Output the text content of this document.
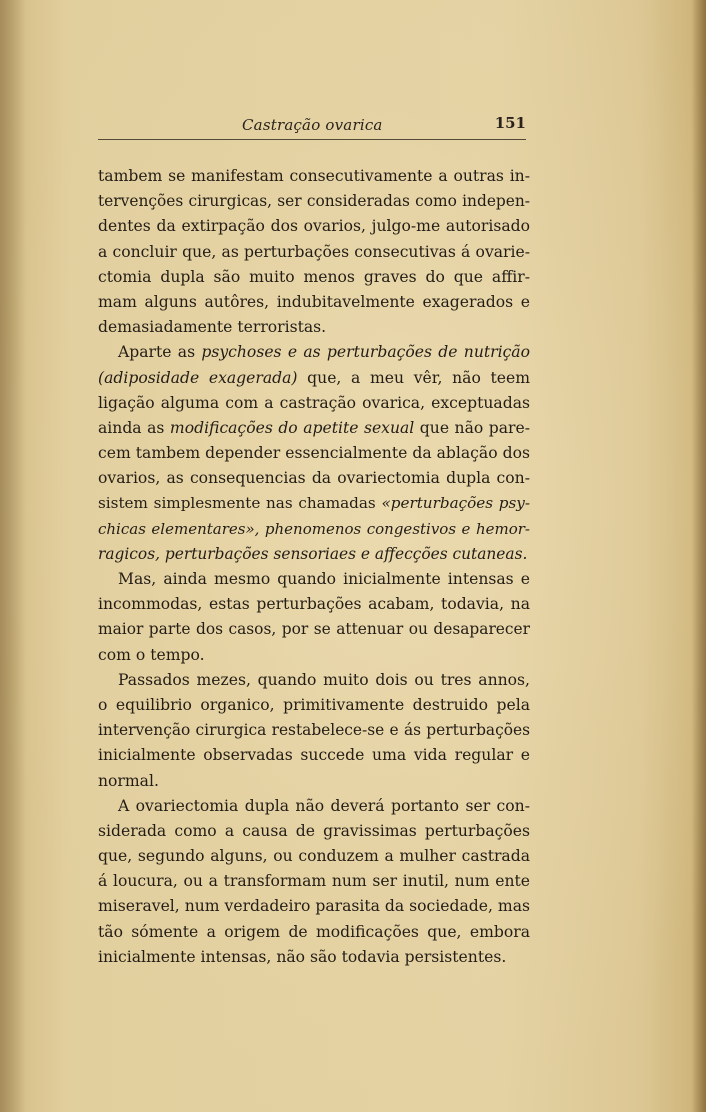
Castração ovarica	151
tambem se manifestam consecutivamente a outras in-
tervenções cirurgicas, ser consideradas como indepen-
dentes da extirpação dos ovarios, julgo-me autorisado
a concluir que, as perturbações consecutivas á ovarie-
ctomia dupla são muito menos graves do que affir-
mam alguns autôres, indubitavelmente exagerados e
demasiadamente terroristas.
Aparte as psychoses e as perturbações de nutrição
(adiposidade exagerada) que, a meu vêr, não teem
ligação alguma com a castração ovarica, exceptuadas
ainda as modificações do apetite sexual que não pare-
cem tambem depender essencialmente da ablação dos
ovarios, as consequencias da ovariectomia dupla con-
sistem simplesmente nas chamadas «perturbações psy-
chicas elementares», phenomenos congestivos e hemor-
ragicos, perturbações sensoriaes e affecções cutaneas.
Mas, ainda mesmo quando inicialmente intensas e
incommodas, estas perturbações acabam, todavia, na
maior parte dos casos, por se attenuar ou desaparecer
com o tempo.
Passados mezes, quando muito dois ou tres annos,
o equilibrio organico, primitivamente destruido pela
intervenção cirurgica restabelece-se e ás perturbações
inicialmente observadas succede uma vida regular e
normal.
A ovariectomia dupla não deverá portanto ser con-
siderada como a causa de gravissimas perturbações
que, segundo alguns, ou conduzem a mulher castrada
á loucura, ou a transformam num ser inutil, num ente
miseravel, num verdadeiro parasita da sociedade, mas
tão sómente a origem de modificações que, embora
inicialmente intensas, não são todavia persistentes.
